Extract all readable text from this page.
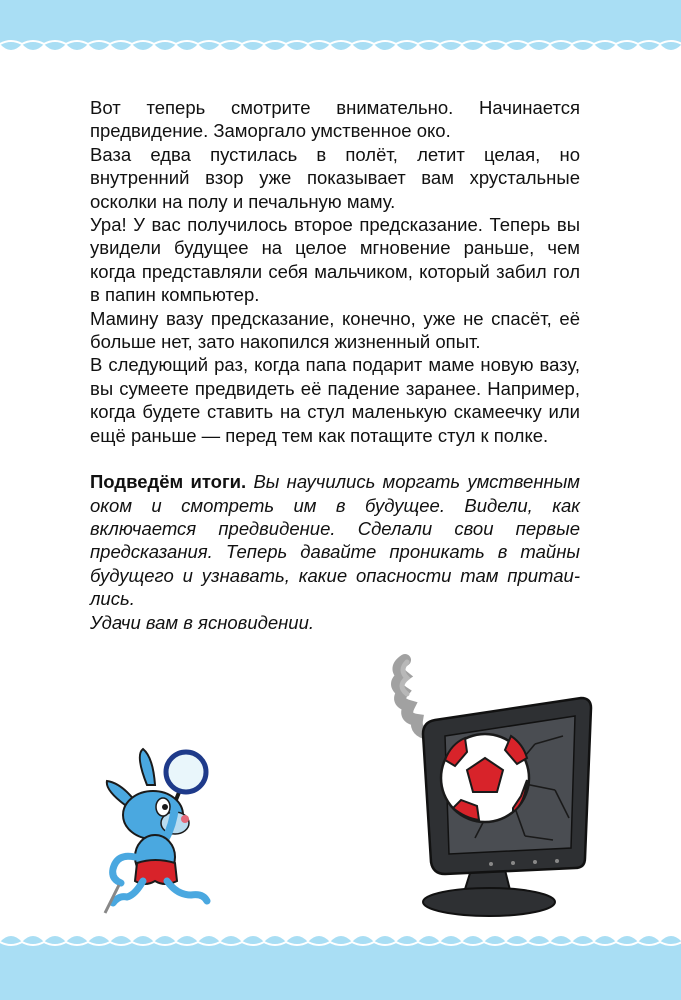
Вот теперь смотрите внимательно. Начинается предвидение. Заморгало умственное око.

Ваза едва пустилась в полёт, летит целая, но внутренний взор уже показывает вам хрустальные осколки на полу и печальную маму.

Ура! У вас получилось второе предсказание. Теперь вы увидели будущее на целое мгновение раньше, чем когда представляли себя мальчиком, который забил гол в папин компьютер.

Мамину вазу предсказание, конечно, уже не спасёт, её больше нет, зато накопился жизненный опыт.

В следующий раз, когда папа подарит маме новую вазу, вы сумеете предвидеть её падение заранее. Например, когда будете ставить на стул маленькую скамеечку или ещё раньше — перед тем как потащите стул к полке.

Подведём итоги. Вы научились моргать умственным оком и смотреть им в будущее. Видели, как включается предвидение. Сделали свои первые предсказания. Теперь давайте проникать в тайны будущего и узнавать, какие опасности там притаились.

Удачи вам в ясновидении.
